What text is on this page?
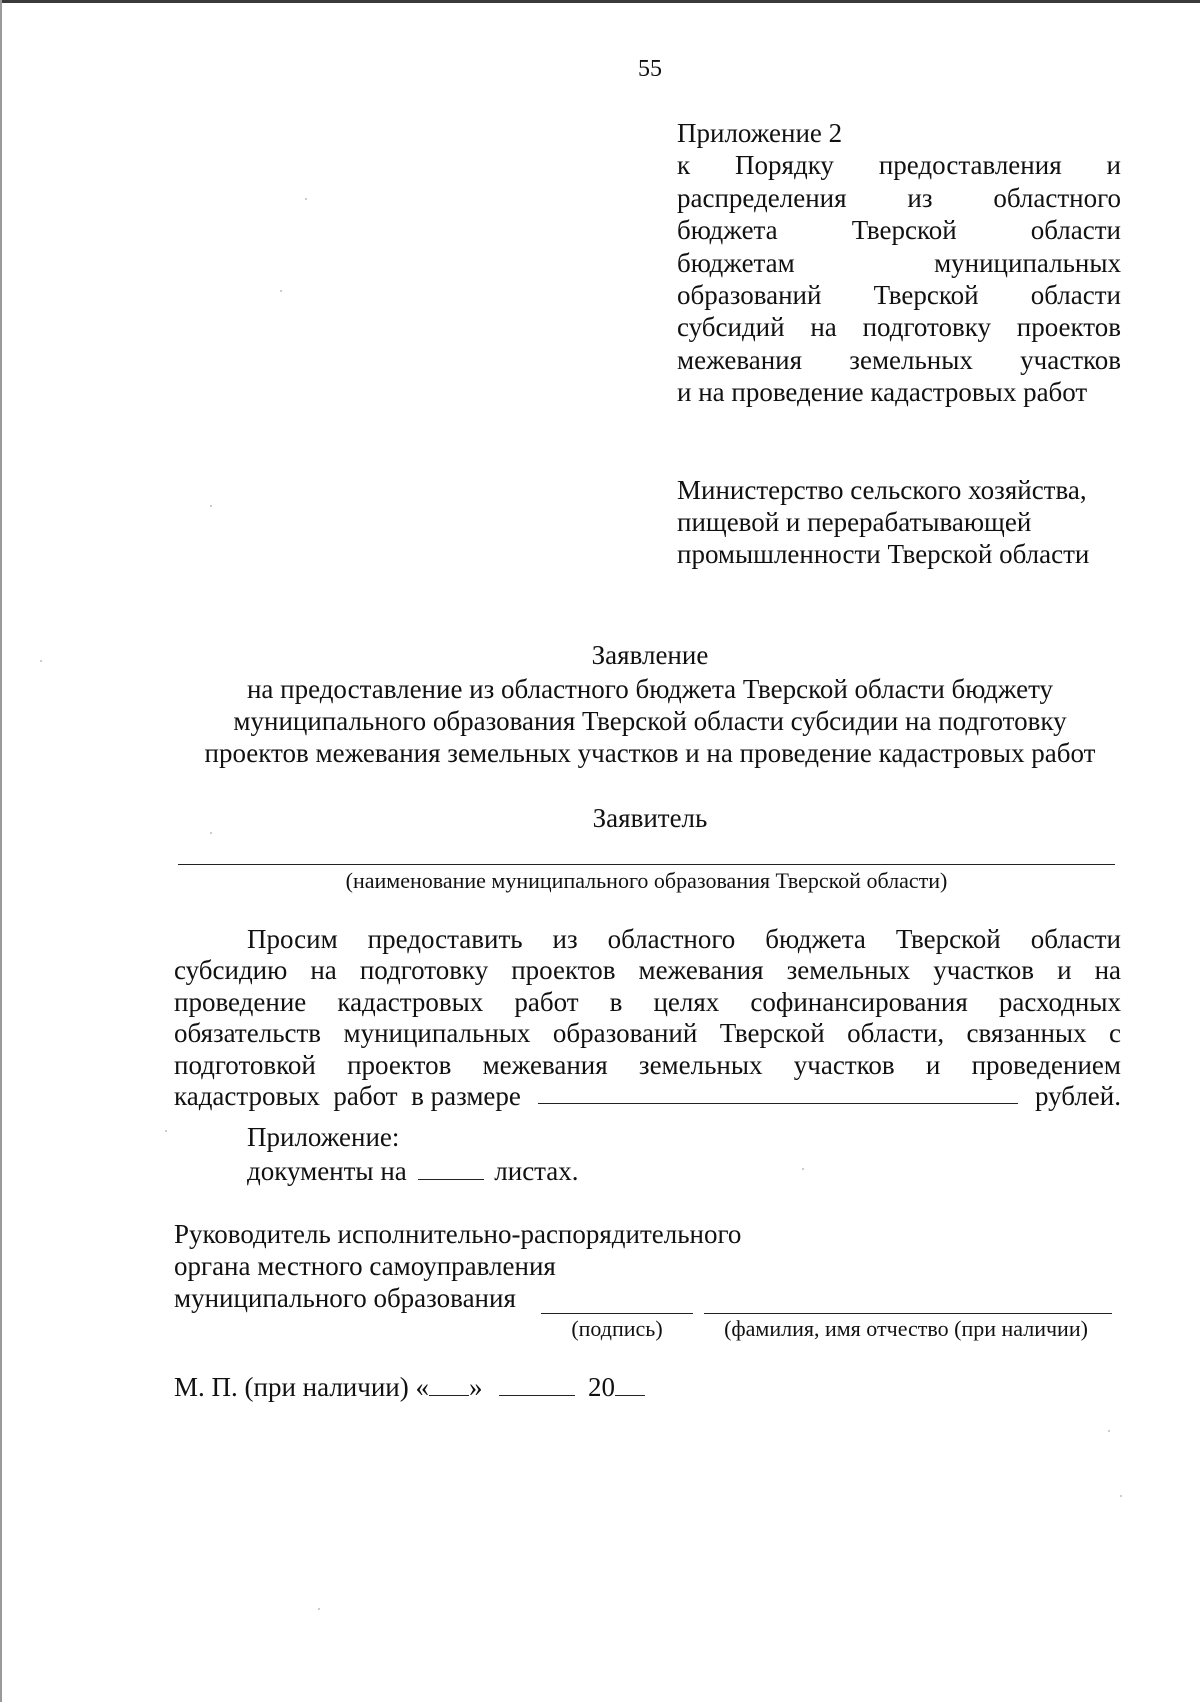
55
Приложение 2
к Порядку предоставления и
распределения из областного
бюджета	Тверской	области
бюджетам	муниципальных
образований Тверской области
субсидий на подготовку проектов
межевания земельных участков
и на проведение кадастровых работ
Министерство сельского хозяйства,
пищевой и перерабатывающей
промышленности Тверской области
Заявление
на предоставление из областного бюджета Тверской области бюджету
муниципального образования Тверской области субсидии на подготовку
проектов межевания земельных участков и на проведение кадастровых работ
Заявитель
(наименование муниципального образования Тверской области)
Просим предоставить из областного бюджета Тверской области
субсидию на подготовку проектов межевания земельных участков и на
проведение кадастровых работ в целях софинансирования расходных
обязательств муниципальных образований Тверской области, связанных с
подготовкой проектов межевания земельных участков и проведением
кадастровых  работ  в размере	рублей.
Приложение:
документы на	листах.
Руководитель исполнительно-распорядительного
органа местного самоуправления
муниципального образования
(подпись)	(фамилия, имя отчество (при наличии)
М. П. (при наличии) « »	20
